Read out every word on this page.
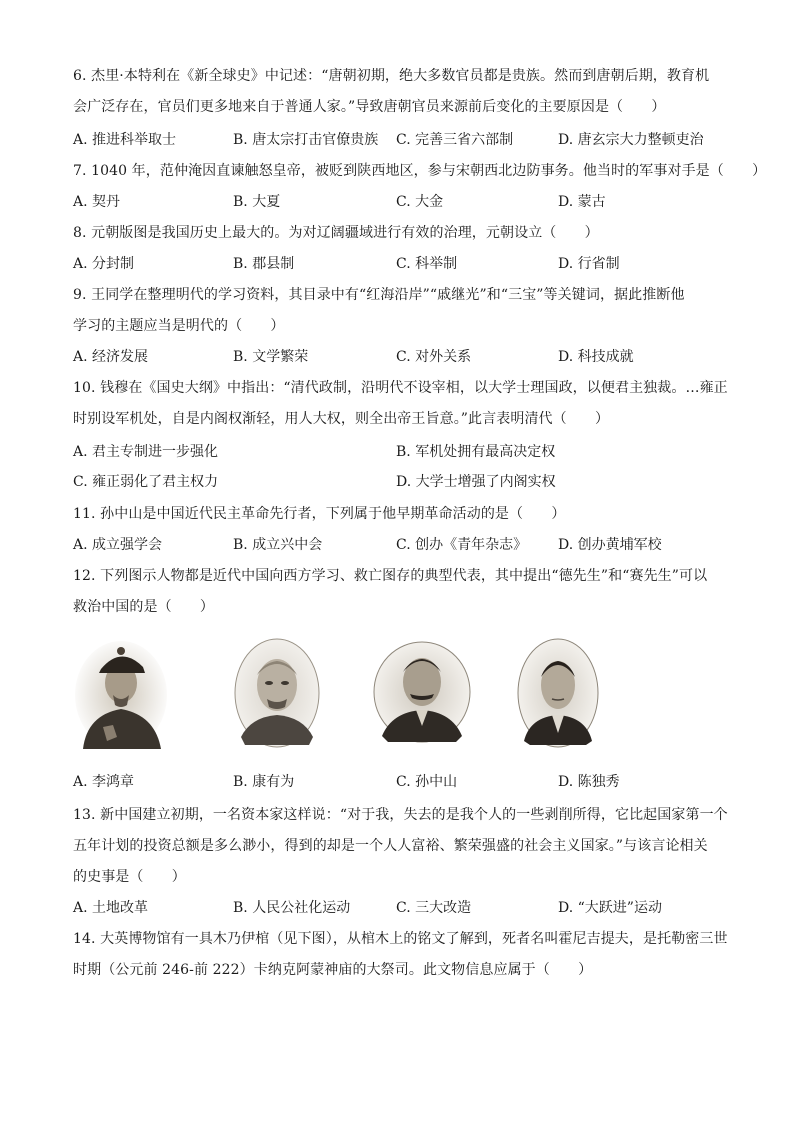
6. 杰里·本特利在《新全球史》中记述：“唐朝初期，绝大多数官员都是贵族。然而到唐朝后期，教育机
会广泛存在，官员们更多地来自于普通人家。”导致唐朝官员来源前后变化的主要原因是（　　）
A. 推进科举取士	B. 唐太宗打击官僚贵族 C. 完善三省六部制	D. 唐玄宗大力整顿吏治
7. 1040 年，范仲淹因直谏触怒皇帝，被贬到陕西地区，参与宋朝西北边防事务。他当时的军事对手是（　　）
A. 契丹	B. 大夏	C. 大金	D. 蒙古
8. 元朝版图是我国历史上最大的。为对辽阔疆域进行有效的治理，元朝设立（　　）
A. 分封制	B. 郡县制	C. 科举制	D. 行省制
9. 王同学在整理明代的学习资料，其目录中有“红海沿岸”“戚继光”和“三宝”等关键词，据此推断他
学习的主题应当是明代的（　　）
A. 经济发展	B. 文学繁荣	C. 对外关系	D. 科技成就
10. 钱穆在《国史大纲》中指出：“清代政制，沿明代不设宰相，以大学士理国政，以便君主独裁。…雍正
时别设军机处，自是内阁权渐轻，用人大权，则全出帝王旨意。”此言表明清代（　　）
A. 君主专制进一步强化	B. 军机处拥有最高决定权
C. 雍正弱化了君主权力	D. 大学士增强了内阁实权
11. 孙中山是中国近代民主革命先行者，下列属于他早期革命活动的是（　　）
A. 成立强学会	B. 成立兴中会	C. 创办《青年杂志》 D. 创办黄埔军校
12. 下列图示人物都是近代中国向西方学习、救亡图存的典型代表，其中提出“德先生”和“赛先生”可以
救治中国的是（　　）
A. 李鸿章	B. 康有为	C. 孙中山	D. 陈独秀
13. 新中国建立初期，一名资本家这样说：“对于我，失去的是我个人的一些剥削所得，它比起国家第一个
五年计划的投资总额是多么渺小，得到的却是一个人人富裕、繁荣强盛的社会主义国家。”与该言论相关
的史事是（　　）
A. 土地改革	B. 人民公社化运动	C. 三大改造	D. “大跃进”运动
14. 大英博物馆有一具木乃伊棺（见下图），从棺木上的铭文了解到，死者名叫霍尼吉提夫，是托勒密三世
时期（公元前 246-前 222）卡纳克阿蒙神庙的大祭司。此文物信息应属于（　　）
